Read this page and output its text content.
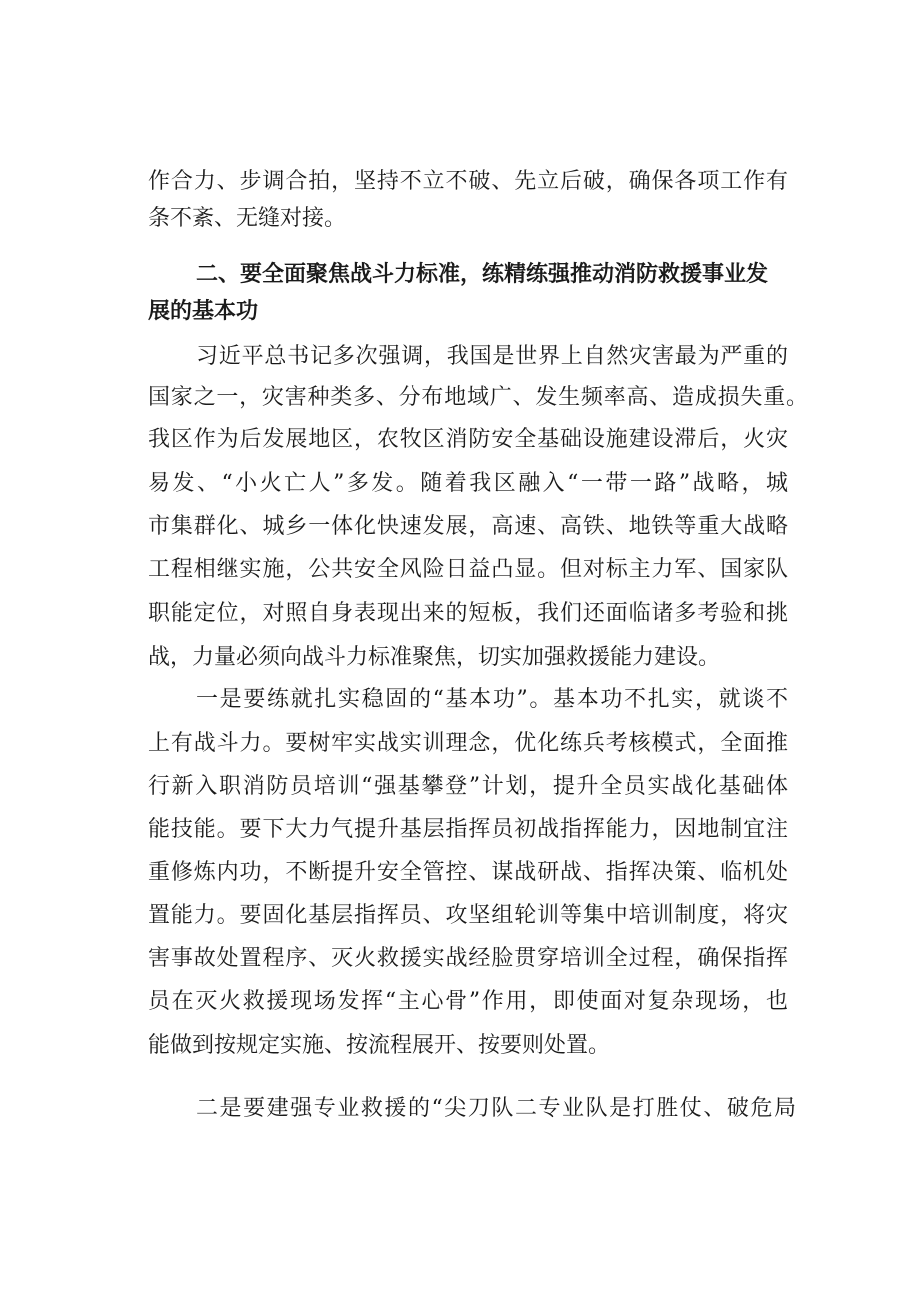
作合力、步调合拍，坚持不立不破、先立后破，确保各项工作有
条不紊、无缝对接。
二、要全面聚焦战斗力标准，练精练强推动消防救援事业发
展的基本功
习近平总书记多次强调，我国是世界上自然灾害最为严重的
国家之一，灾害种类多、分布地域广、发生频率高、造成损失重。
我区作为后发展地区，农牧区消防安全基础设施建设滞后，火灾
易发、“小火亡人”多发。随着我区融入“一带一路”战略，城
市集群化、城乡一体化快速发展，高速、高铁、地铁等重大战略
工程相继实施，公共安全风险日益凸显。但对标主力军、国家队
职能定位，对照自身表现出来的短板，我们还面临诸多考验和挑
战，力量必须向战斗力标准聚焦，切实加强救援能力建设。
一是要练就扎实稳固的“基本功”。基本功不扎实，就谈不
上有战斗力。要树牢实战实训理念，优化练兵考核模式，全面推
行新入职消防员培训“强基攀登”计划，提升全员实战化基础体
能技能。要下大力气提升基层指挥员初战指挥能力，因地制宜注
重修炼内功，不断提升安全管控、谋战研战、指挥决策、临机处
置能力。要固化基层指挥员、攻坚组轮训等集中培训制度，将灾
害事故处置程序、灭火救援实战经脸贯穿培训全过程，确保指挥
员在灭火救援现场发挥“主心骨”作用，即使面对复杂现场，也
能做到按规定实施、按流程展开、按要则处置。
二是要建强专业救援的“尖刀队二专业队是打胜仗、破危局
